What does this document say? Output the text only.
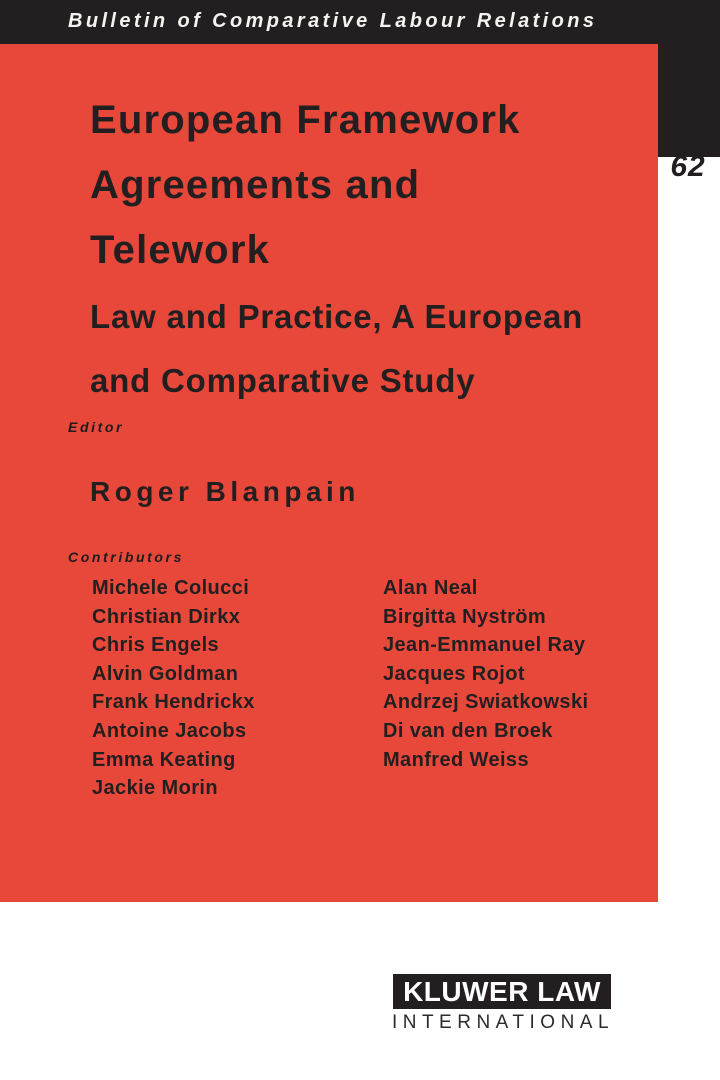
Bulletin of Comparative Labour Relations
European Framework
Agreements and
Telework
Law and Practice, A European
and Comparative Study
Editor
Roger Blanpain
Contributors
Michele Colucci
Christian Dirkx
Chris Engels
Alvin Goldman
Frank Hendrickx
Antoine Jacobs
Emma Keating
Jackie Morin
Alan Neal
Birgitta Nyström
Jean-Emmanuel Ray
Jacques Rojot
Andrzej Swiatkowski
Di van den Broek
Manfred Weiss
62
KLUWER LAW
INTERNATIONAL
